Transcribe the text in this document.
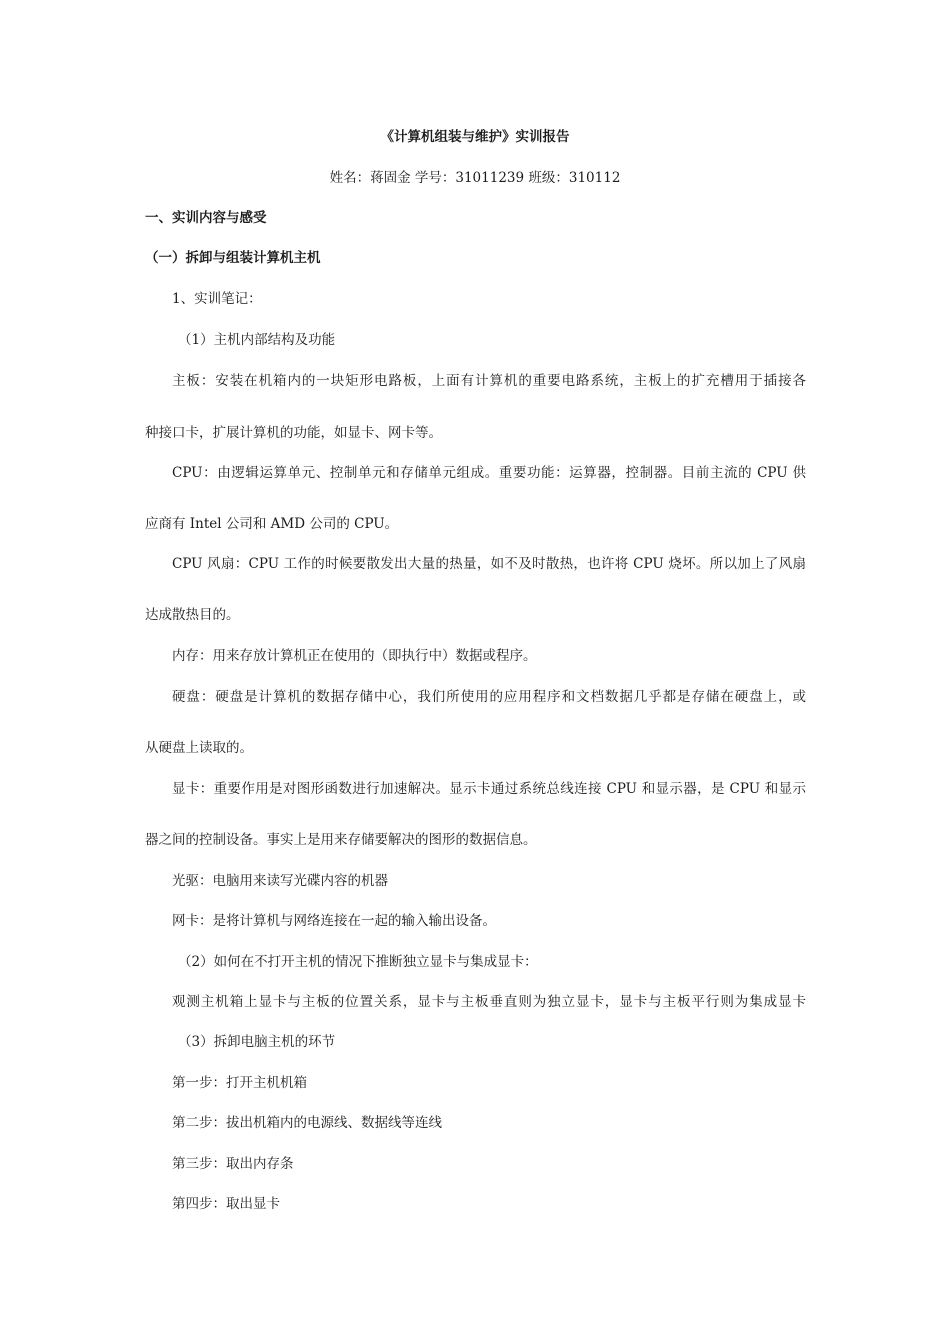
《计算机组装与维护》实训报告
姓名：蒋固金 学号：31011239 班级：310112
一、实训内容与感受
（一）拆卸与组装计算机主机
1、实训笔记：
（1）主机内部结构及功能
主板：安装在机箱内的一块矩形电路板，上面有计算机的重要电路系统，主板上的扩充槽用于插接各
种接口卡，扩展计算机的功能，如显卡、网卡等。
CPU：由逻辑运算单元、控制单元和存储单元组成。重要功能：运算器，控制器。目前主流的 CPU 供
应商有 Intel 公司和 AMD 公司的 CPU。
CPU 风扇：CPU 工作的时候要散发出大量的热量，如不及时散热，也许将 CPU 烧坏。所以加上了风扇
达成散热目的。
内存：用来存放计算机正在使用的（即执行中）数据或程序。
硬盘：硬盘是计算机的数据存储中心，我们所使用的应用程序和文档数据几乎都是存储在硬盘上，或
从硬盘上读取的。
显卡：重要作用是对图形函数进行加速解决。显示卡通过系统总线连接 CPU 和显示器，是 CPU 和显示
器之间的控制设备。事实上是用来存储要解决的图形的数据信息。
光驱：电脑用来读写光碟内容的机器
网卡：是将计算机与网络连接在一起的输入输出设备。
（2）如何在不打开主机的情况下推断独立显卡与集成显卡：
观测主机箱上显卡与主板的位置关系，显卡与主板垂直则为独立显卡，显卡与主板平行则为集成显卡
（3）拆卸电脑主机的环节
第一步：打开主机机箱
第二步：拔出机箱内的电源线、数据线等连线
第三步：取出内存条
第四步：取出显卡
